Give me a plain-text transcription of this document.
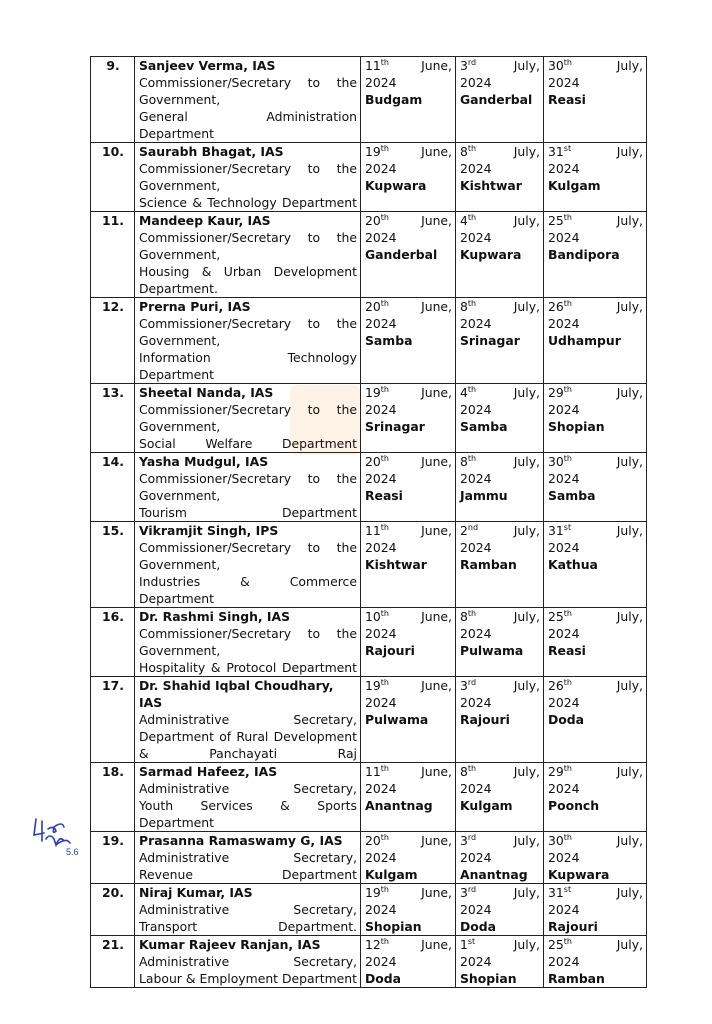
9.	Sanjeev Verma, IAS
Commissioner/Secretary to the Government,
General Administration Department	11th June,
2024
Budgam	3rd July,
2024
Ganderbal	30th July,
2024
Reasi

10.	Saurabh Bhagat, IAS
Commissioner/Secretary to the Government,
Science & Technology Department	19th June,
2024
Kupwara	8th July,
2024
Kishtwar	31st July,
2024
Kulgam

11.	Mandeep Kaur, IAS
Commissioner/Secretary to the Government,
Housing & Urban Development Department.	20th June,
2024
Ganderbal	4th July,
2024
Kupwara	25th July,
2024
Bandipora

12.	Prerna Puri, IAS
Commissioner/Secretary to the Government,
Information Technology Department	20th June,
2024
Samba	8th July,
2024
Srinagar	26th July,
2024
Udhampur

13.	Sheetal Nanda, IAS
Commissioner/Secretary to the Government,
Social Welfare Department	19th June,
2024
Srinagar	4th July,
2024
Samba	29th July,
2024
Shopian

14.	Yasha Mudgul, IAS
Commissioner/Secretary to the Government,
Tourism Department	20th June,
2024
Reasi	8th July,
2024
Jammu	30th July,
2024
Samba

15.	Vikramjit Singh, IPS
Commissioner/Secretary to the Government,
Industries & Commerce Department	11th June,
2024
Kishtwar	2nd July,
2024
Ramban	31st July,
2024
Kathua

16.	Dr. Rashmi Singh, IAS
Commissioner/Secretary to the Government,
Hospitality & Protocol Department	10th June,
2024
Rajouri	8th July,
2024
Pulwama	25th July,
2024
Reasi

17.	Dr. Shahid Iqbal Choudhary, IAS
Administrative Secretary,
Department of Rural Development & Panchayati Raj	19th June,
2024
Pulwama	3rd July,
2024
Rajouri	26th July,
2024
Doda

18.	Sarmad Hafeez, IAS
Administrative Secretary,
Youth Services & Sports Department	11th June,
2024
Anantnag	8th July,
2024
Kulgam	29th July,
2024
Poonch

19.	Prasanna Ramaswamy G, IAS
Administrative Secretary,
Revenue Department	20th June,
2024
Kulgam	3rd July,
2024
Anantnag	30th July,
2024
Kupwara

20.	Niraj Kumar, IAS
Administrative Secretary,
Transport Department.	19th June,
2024
Shopian	3rd July,
2024
Doda	31st July,
2024
Rajouri

21.	Kumar Rajeev Ranjan, IAS
Administrative Secretary,
Labour & Employment Department	12th June,
2024
Doda	1st July,
2024
Shopian	25th July,
2024
Ramban
5.6
